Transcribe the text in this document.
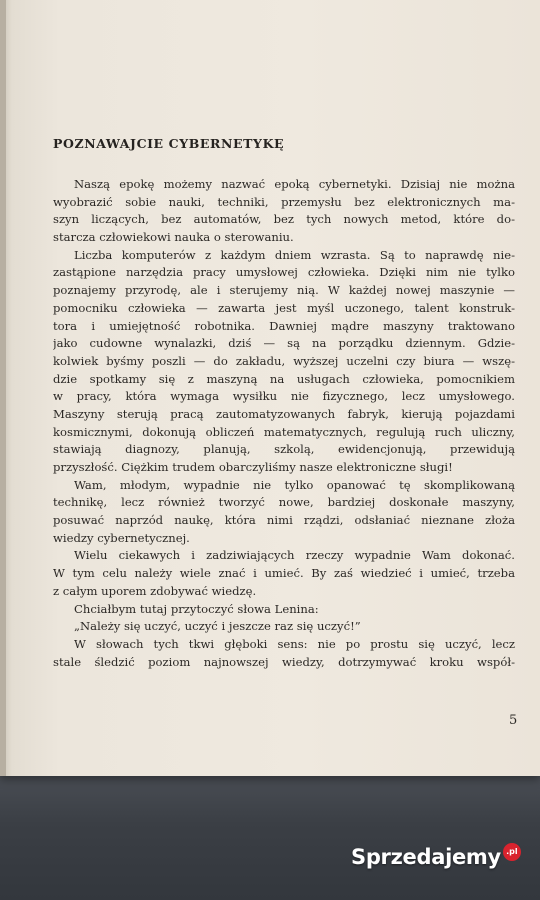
POZNAWAJCIE CYBERNETYKĘ
Naszą epokę możemy nazwać epoką cybernetyki. Dzisiaj nie można
wyobrazić sobie nauki, techniki, przemysłu bez elektronicznych ma-
szyn liczących, bez automatów, bez tych nowych metod, które do-
starcza człowiekowi nauka o sterowaniu.
Liczba komputerów z każdym dniem wzrasta. Są to naprawdę nie-
zastąpione narzędzia pracy umysłowej człowieka. Dzięki nim nie tylko
poznajemy przyrodę, ale i sterujemy nią. W każdej nowej maszynie —
pomocniku człowieka — zawarta jest myśl uczonego, talent konstruk-
tora i umiejętność robotnika. Dawniej mądre maszyny traktowano
jako cudowne wynalazki, dziś — są na porządku dziennym. Gdzie-
kolwiek byśmy poszli — do zakładu, wyższej uczelni czy biura — wszę-
dzie spotkamy się z maszyną na usługach człowieka, pomocnikiem
w pracy, która wymaga wysiłku nie fizycznego, lecz umysłowego.
Maszyny sterują pracą zautomatyzowanych fabryk, kierują pojazdami
kosmicznymi, dokonują obliczeń matematycznych, regulują ruch uliczny,
stawiają diagnozy, planują, szkolą, ewidencjonują, przewidują
przyszłość. Ciężkim trudem obarczyliśmy nasze elektroniczne sługi!
Wam, młodym, wypadnie nie tylko opanować tę skomplikowaną
technikę, lecz również tworzyć nowe, bardziej doskonałe maszyny,
posuwać naprzód naukę, która nimi rządzi, odsłaniać nieznane złoża
wiedzy cybernetycznej.
Wielu ciekawych i zadziwiających rzeczy wypadnie Wam dokonać.
W tym celu należy wiele znać i umieć. By zaś wiedzieć i umieć, trzeba
z całym uporem zdobywać wiedzę.
Chciałbym tutaj przytoczyć słowa Lenina:
„Należy się uczyć, uczyć i jeszcze raz się uczyć!”
W słowach tych tkwi głęboki sens: nie po prostu się uczyć, lecz
stale śledzić poziom najnowszej wiedzy, dotrzymywać kroku współ-
5
Sprzedajemy .pl
